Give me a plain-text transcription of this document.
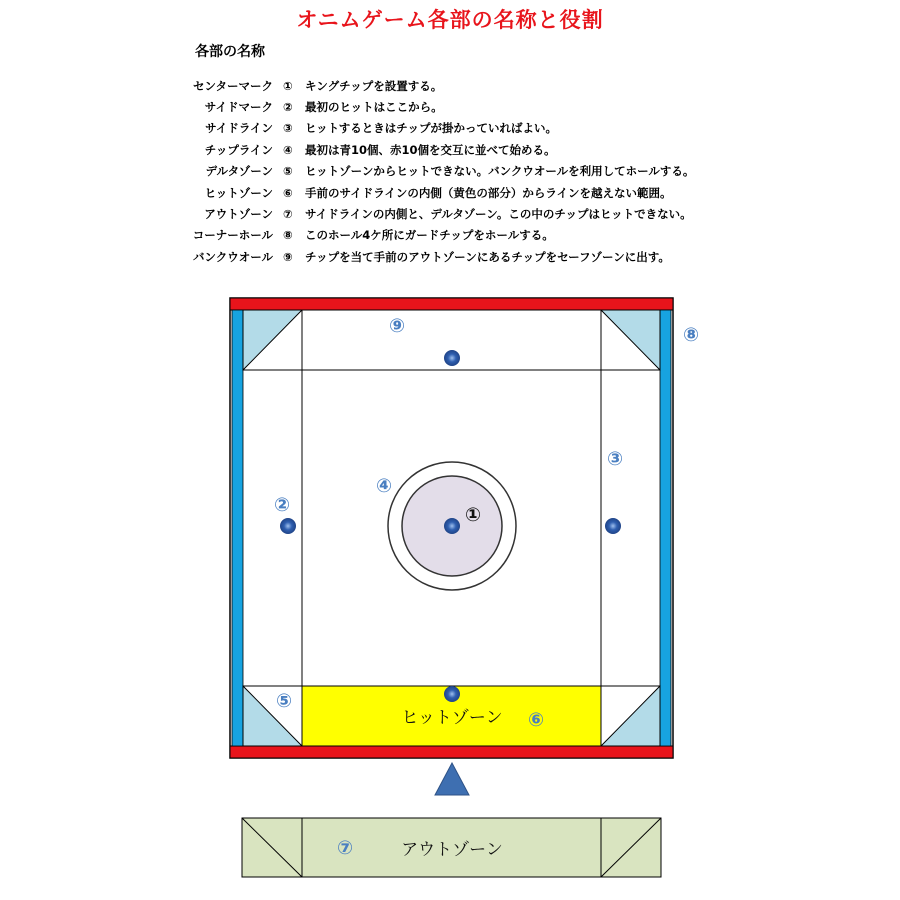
オニムゲーム各部の名称と役割
各部の名称
センターマーク ①	キングチップを設置する。
サイドマーク ②	最初のヒットはここから。
サイドライン ③	ヒットするときはチップが掛かっていればよい。
チップライン ④	最初は青10個、赤10個を交互に並べて始める。
デルタゾーン ⑤	ヒットゾーンからヒットできない。バンクウオールを利用してホールする。
ヒットゾーン ⑥	手前のサイドラインの内側（黄色の部分）からラインを越えない範囲。
アウトゾーン ⑦	サイドラインの内側と、デルタゾーン。この中のチップはヒットできない。
コーナーホール ⑧	このホール4ケ所にガードチップをホールする。
バンクウオール ⑨	チップを当て手前のアウトゾーンにあるチップをセーフゾーンに出す。
①
②
③
④
⑤
⑥
⑦
⑧
⑨
ヒットゾーン
アウトゾーン
